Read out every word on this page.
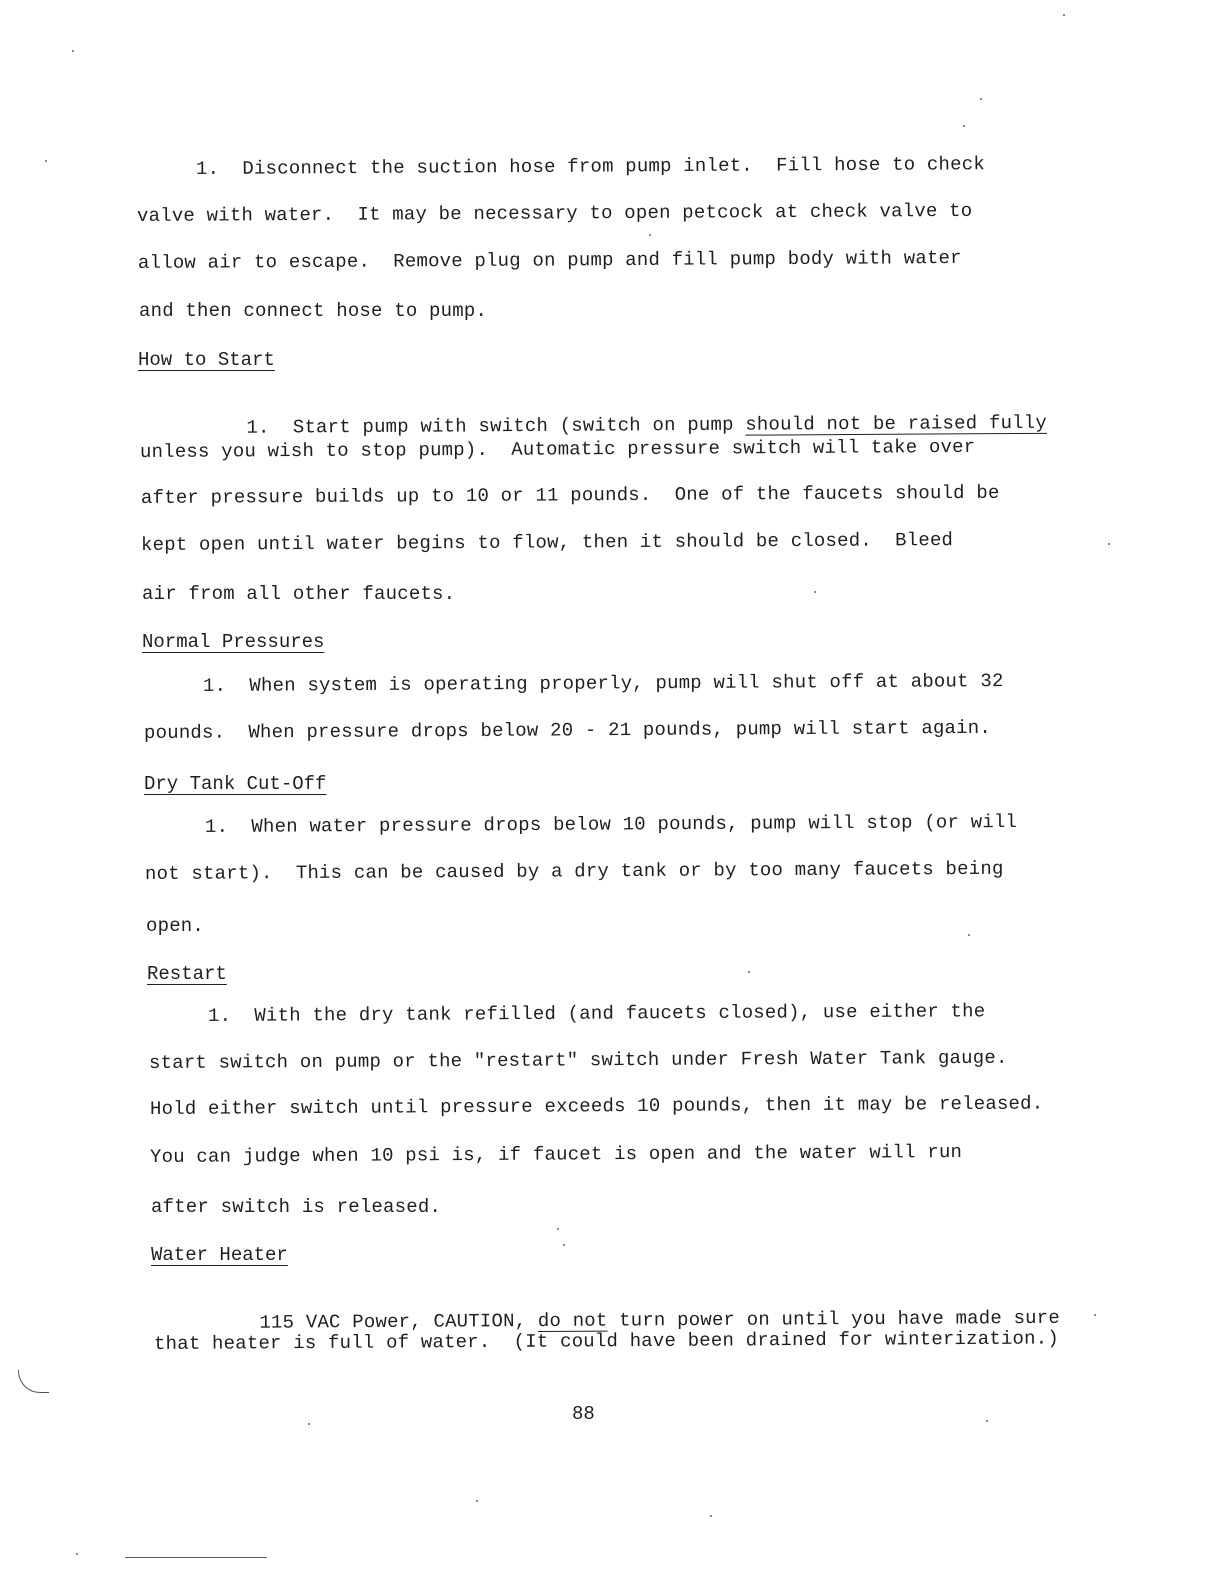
1.  Disconnect the suction hose from pump inlet.  Fill hose to check
valve with water.  It may be necessary to open petcock at check valve to
allow air to escape.  Remove plug on pump and fill pump body with water
and then connect hose to pump.
How to Start

1.  Start pump with switch (switch on pump should not be raised fully

unless you wish to stop pump).  Automatic pressure switch will take over
after pressure builds up to 10 or 11 pounds.  One of the faucets should be
kept open until water begins to flow, then it should be closed.  Bleed
air from all other faucets.
Normal Pressures
1.  When system is operating properly, pump will shut off at about 32
pounds.  When pressure drops below 20 - 21 pounds, pump will start again.
Dry Tank Cut-Off
1.  When water pressure drops below 10 pounds, pump will stop (or will
not start).  This can be caused by a dry tank or by too many faucets being
open.
Restart
1.  With the dry tank refilled (and faucets closed), use either the
start switch on pump or the "restart" switch under Fresh Water Tank gauge.
Hold either switch until pressure exceeds 10 pounds, then it may be released.
You can judge when 10 psi is, if faucet is open and the water will run
after switch is released.
Water Heater

115 VAC Power, CAUTION, do not turn power on until you have made sure

that heater is full of water.  (It could have been drained for winterization.)
88
